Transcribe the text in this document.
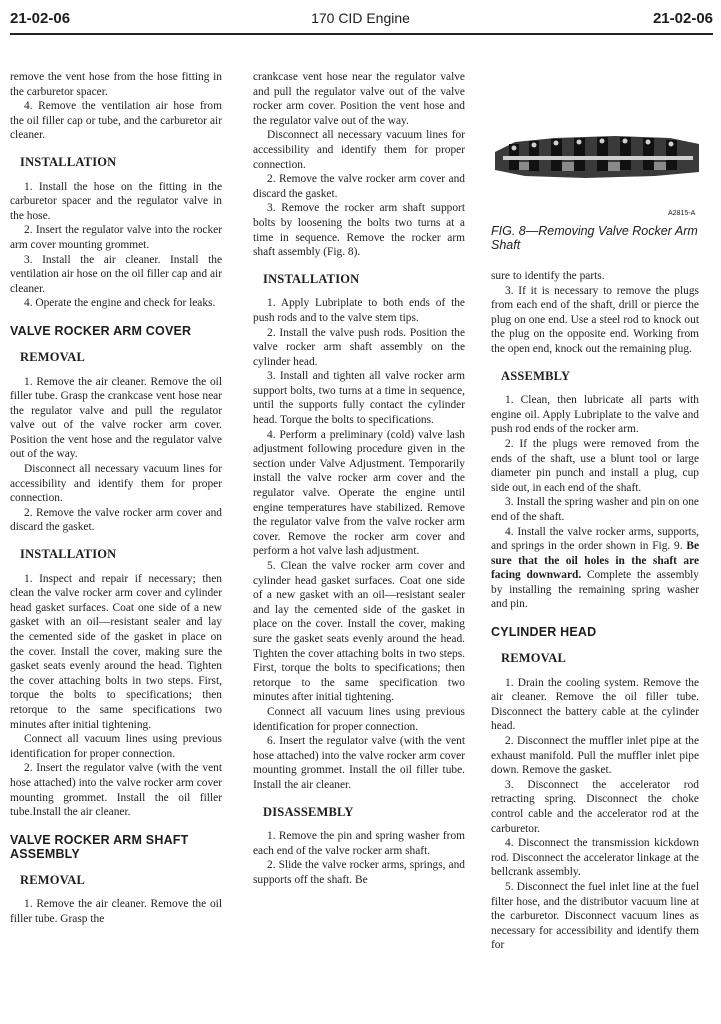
21-02-06	170 CID Engine	21-02-06

remove the vent hose from the hose fitting in the carburetor spacer.

4. Remove the ventilation air hose from the oil filler cap or tube, and the carburetor air cleaner.

INSTALLATION

1. Install the hose on the fitting in the carburetor spacer and the regulator valve in the hose.

2. Insert the regulator valve into the rocker arm cover mounting grommet.

3. Install the air cleaner. Install the ventilation air hose on the oil filler cap and air cleaner.

4. Operate the engine and check for leaks.

VALVE ROCKER ARM COVER
REMOVAL

1. Remove the air cleaner. Remove the oil filler tube. Grasp the crankcase vent hose near the regulator valve and pull the regulator valve out of the valve rocker arm cover. Position the vent hose and the regulator valve out of the way.

Disconnect all necessary vacuum lines for accessibility and identify them for proper connection.

2. Remove the valve rocker arm cover and discard the gasket.

INSTALLATION

1. Inspect and repair if necessary; then clean the valve rocker arm cover and cylinder head gasket surfaces. Coat one side of a new gasket with an oil—resistant sealer and lay the cemented side of the gasket in place on the cover. Install the cover, making sure the gasket seats evenly around the head. Tighten the cover attaching bolts in two steps. First, torque the bolts to specifications; then retorque to the same specifications two minutes after initial tightening.

Connect all vacuum lines using previous identification for proper connection.

2. Insert the regulator valve (with the vent hose attached) into the valve rocker arm cover mounting grommet. Install the oil filler tube.Install the air cleaner.

VALVE ROCKER ARM SHAFT ASSEMBLY
REMOVAL

1. Remove the air cleaner. Remove the oil filler tube. Grasp the

crankcase vent hose near the regulator valve and pull the regulator valve out of the valve rocker arm cover. Position the vent hose and the regulator valve out of the way.

Disconnect all necessary vacuum lines for accessibility and identify them for proper connection.

2. Remove the valve rocker arm cover and discard the gasket.

3. Remove the rocker arm shaft support bolts by loosening the bolts two turns at a time in sequence. Remove the rocker arm shaft assembly (Fig. 8).

INSTALLATION

1. Apply Lubriplate to both ends of the push rods and to the valve stem tips.

2. Install the valve push rods. Position the valve rocker arm shaft assembly on the cylinder head.

3. Install and tighten all valve rocker arm support bolts, two turns at a time in sequence, until the supports fully contact the cylinder head. Torque the bolts to specifications.

4. Perform a preliminary (cold) valve lash adjustment following procedure given in the section under Valve Adjustment. Temporarily install the valve rocker arm cover and the regulator valve. Operate the engine until engine temperatures have stabilized. Remove the regulator valve from the valve rocker arm cover. Remove the rocker arm cover and perform a hot valve lash adjustment.

5. Clean the valve rocker arm cover and cylinder head gasket surfaces. Coat one side of a new gasket with an oil—resistant sealer and lay the cemented side of the gasket in place on the cover. Install the cover, making sure the gasket seats evenly around the head. Tighten the cover attaching bolts in two steps. First, torque the bolts to specifications; then retorque to the same specification two minutes after initial tightening.

Connect all vacuum lines using previous identification for proper connection.

6. Insert the regulator valve (with the vent hose attached) into the valve rocker arm cover mounting grommet. Install the oil filler tube. Install the air cleaner.

DISASSEMBLY

1. Remove the pin and spring washer from each end of the valve rocker arm shaft.

2. Slide the valve rocker arms, springs, and supports off the shaft. Be

A2815-A
FIG. 8—Removing Valve Rocker Arm Shaft

sure to identify the parts.

3. If it is necessary to remove the plugs from each end of the shaft, drill or pierce the plug on one end. Use a steel rod to knock out the plug on the opposite end. Working from the open end, knock out the remaining plug.

ASSEMBLY

1. Clean, then lubricate all parts with engine oil. Apply Lubriplate to the valve and push rod ends of the rocker arm.

2. If the plugs were removed from the ends of the shaft, use a blunt tool or large diameter pin punch and install a plug, cup side out, in each end of the shaft.

3. Install the spring washer and pin on one end of the shaft.

4. Install the valve rocker arms, supports, and springs in the order shown in Fig. 9. Be sure that the oil holes in the shaft are facing downward. Complete the assembly by installing the remaining spring washer and pin.

CYLINDER HEAD
REMOVAL

1. Drain the cooling system. Remove the air cleaner. Remove the oil filler tube. Disconnect the battery cable at the cylinder head.

2. Disconnect the muffler inlet pipe at the exhaust manifold. Pull the muffler inlet pipe down. Remove the gasket.

3. Disconnect the accelerator rod retracting spring. Disconnect the choke control cable and the accelerator rod at the carburetor.

4. Disconnect the transmission kickdown rod. Disconnect the accelerator linkage at the bellcrank assembly.

5. Disconnect the fuel inlet line at the fuel filter hose, and the distributor vacuum line at the carburetor. Disconnect vacuum lines as necessary for accessibility and identify them for
